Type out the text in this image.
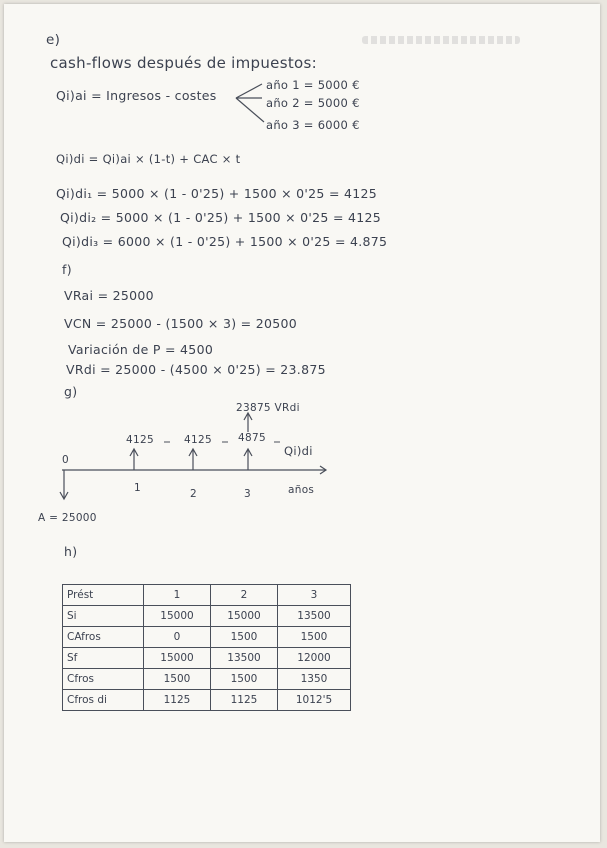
e)
cash-flows después de impuestos:
Qi)ai = Ingresos - costes
año 1 = 5000 €
año 2 = 5000 €
año 3 = 6000 €
Qi)di = Qi)ai × (1-t) + CAC × t
Qi)di₁ = 5000 × (1 - 0'25) + 1500 × 0'25 = 4125
Qi)di₂ = 5000 × (1 - 0'25) + 1500 × 0'25 = 4125
Qi)di₃ = 6000 × (1 - 0'25) + 1500 × 0'25 = 4.875
f)
VRai = 25000
VCN = 25000 - (1500 × 3) = 20500
Variación de P = 4500
VRdi = 25000 - (4500 × 0'25) = 23.875
g)
23875 VRdi
4125	4125 4875
Qi)di
0
1	2	3	años
A = 25000
h)
Prést	1	2	3
Si	15000	15000	13500
CAfros	0	1500	1500
Sf	15000	13500	12000
Cfros	1500	1500	1350
Cfros di	1125	1125	1012'5
